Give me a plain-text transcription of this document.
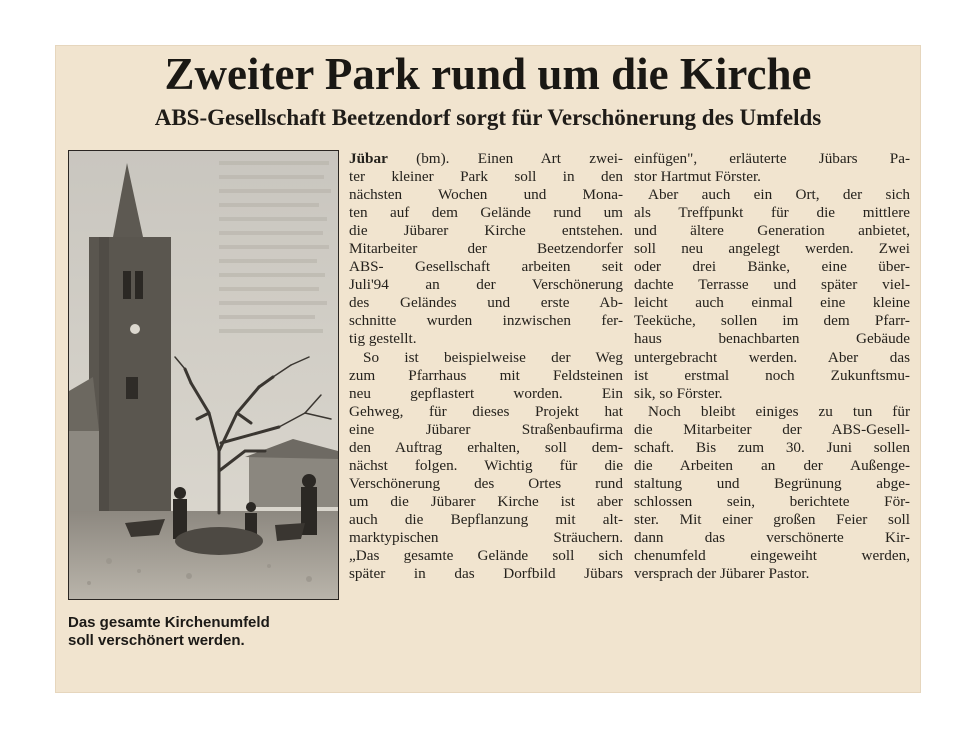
Zweiter Park rund um die Kirche
ABS-Gesellschaft Beetzendorf sorgt für Verschönerung des Umfelds
Das gesamte Kirchenumfeld
soll verschönert werden.
Jübar (bm). Einen Art zwei-
ter kleiner Park soll in den
nächsten Wochen und Mona-
ten auf dem Gelände rund um
die Jübarer Kirche entstehen.
Mitarbeiter der Beetzendorfer
ABS- Gesellschaft arbeiten seit
Juli'94 an der Verschönerung
des Geländes und erste Ab-
schnitte wurden inzwischen fer-
tig gestellt.
So ist beispielweise der Weg
zum Pfarrhaus mit Feldsteinen
neu gepflastert worden. Ein
Gehweg, für dieses Projekt hat
eine Jübarer Straßenbaufirma
den Auftrag erhalten, soll dem-
nächst folgen. Wichtig für die
Verschönerung des Ortes rund
um die Jübarer Kirche ist aber
auch die Bepflanzung mit alt-
marktypischen Sträuchern.
„Das gesamte Gelände soll sich
später in das Dorfbild Jübars
einfügen", erläuterte Jübars Pa-
stor Hartmut Förster.
Aber auch ein Ort, der sich
als Treffpunkt für die mittlere
und ältere Generation anbietet,
soll neu angelegt werden. Zwei
oder drei Bänke, eine über-
dachte Terrasse und später viel-
leicht auch einmal eine kleine
Teeküche, sollen im dem Pfarr-
haus benachbarten Gebäude
untergebracht werden. Aber das
ist erstmal noch Zukunftsmu-
sik, so Förster.
Noch bleibt einiges zu tun für
die Mitarbeiter der ABS-Gesell-
schaft. Bis zum 30. Juni sollen
die Arbeiten an der Außenge-
staltung und Begrünung abge-
schlossen sein, berichtete För-
ster. Mit einer großen Feier soll
dann das verschönerte Kir-
chenumfeld eingeweiht werden,
versprach der Jübarer Pastor.
